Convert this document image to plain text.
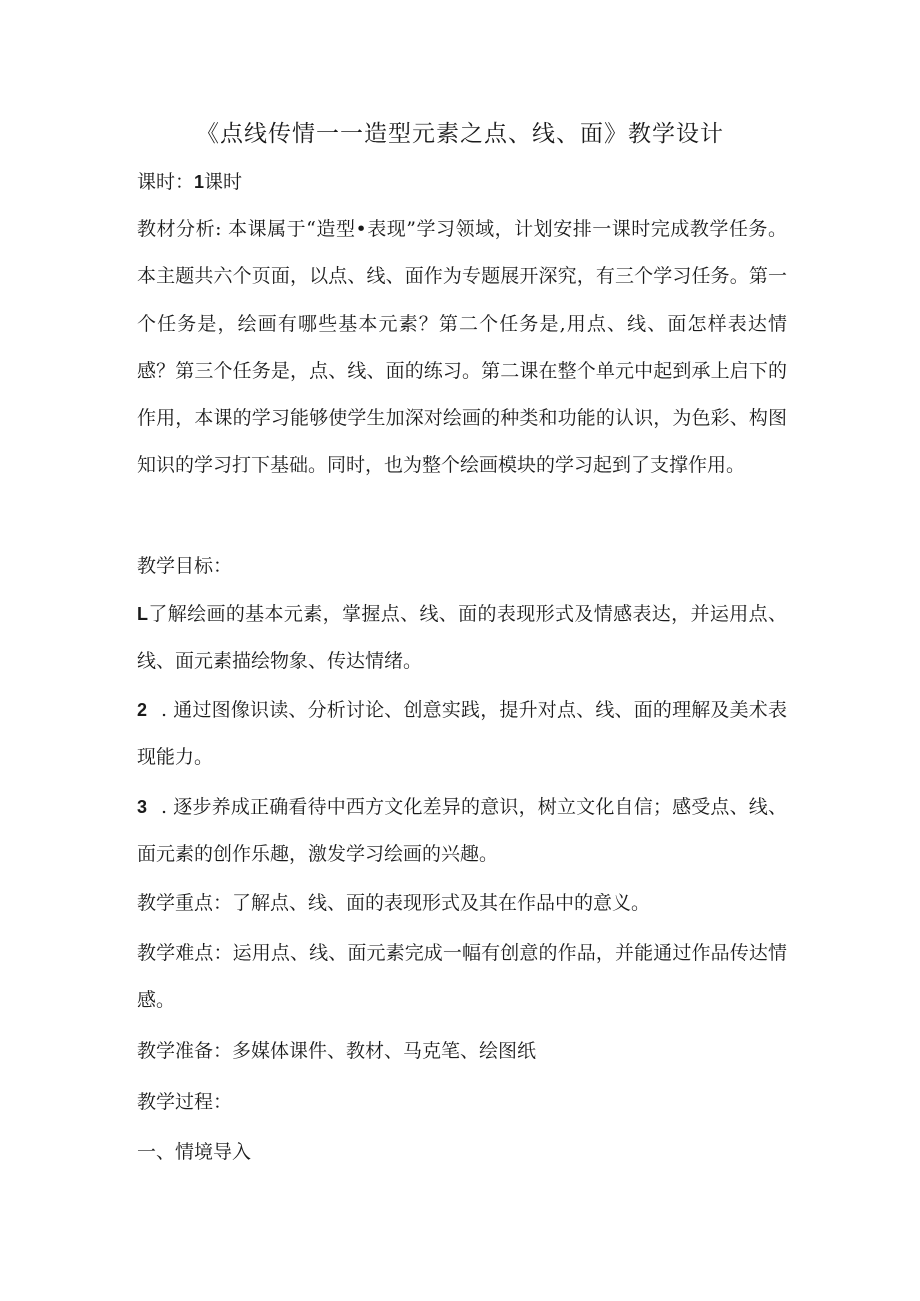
《点线传情一一造型元素之点、线、面》教学设计
课时：1课时
教材分析: 本课属于“造型•表现”学习领域，计划安排一课时完成教学任务。本主题共六个页面，以点、线、面作为专题展开深究，有三个学习任务。第一个任务是，绘画有哪些基本元素？第二个任务是,用点、线、面怎样表达情感？第三个任务是，点、线、面的练习。第二课在整个单元中起到承上启下的作用，本课的学习能够使学生加深对绘画的种类和功能的认识，为色彩、构图知识的学习打下基础。同时，也为整个绘画模块的学习起到了支撑作用。
教学目标：
L了解绘画的基本元素，掌握点、线、面的表现形式及情感表达，并运用点、线、面元素描绘物象、传达情绪。
2 . 通过图像识读、分析讨论、创意实践，提升对点、线、面的理解及美术表现能力。
3 . 逐步养成正确看待中西方文化差异的意识，树立文化自信；感受点、线、面元素的创作乐趣，激发学习绘画的兴趣。
教学重点：了解点、线、面的表现形式及其在作品中的意义。
教学难点：运用点、线、面元素完成一幅有创意的作品，并能通过作品传达情感。
教学准备：多媒体课件、教材、马克笔、绘图纸
教学过程：
一、情境导入
